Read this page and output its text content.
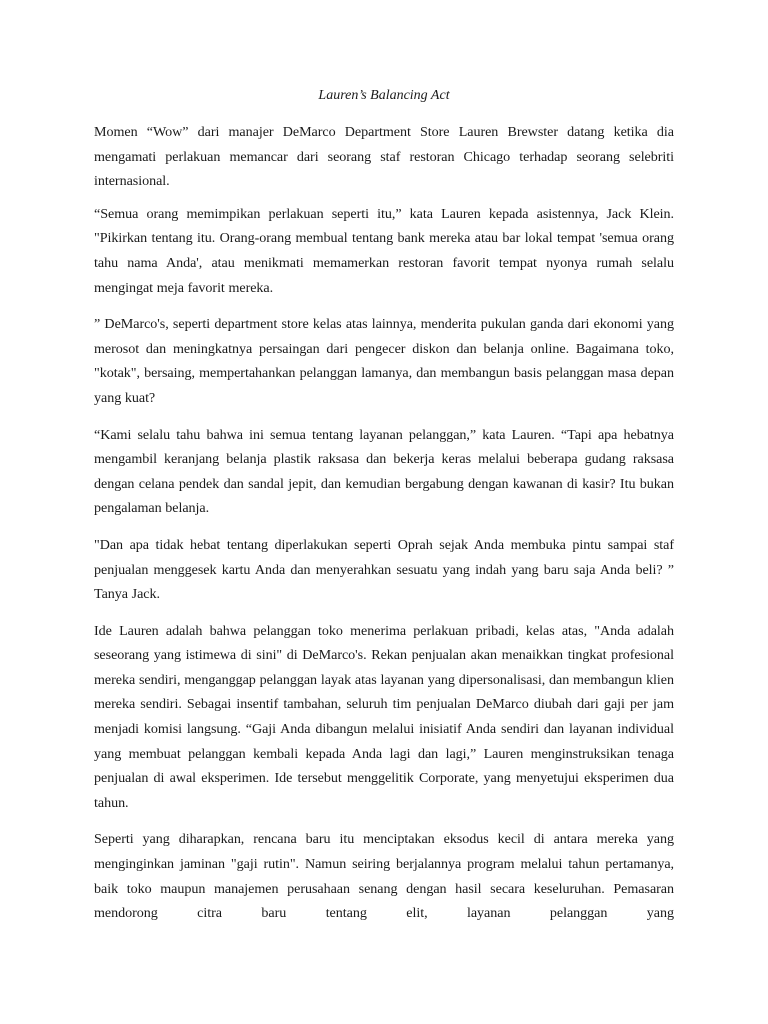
Lauren’s Balancing Act

Momen “Wow” dari manajer DeMarco Department Store Lauren Brewster datang ketika dia mengamati perlakuan memancar dari seorang staf restoran Chicago terhadap seorang selebriti internasional.

“Semua orang memimpikan perlakuan seperti itu,” kata Lauren kepada asistennya, Jack Klein. "Pikirkan tentang itu. Orang-orang membual tentang bank mereka atau bar lokal tempat 'semua orang tahu nama Anda', atau menikmati memamerkan restoran favorit tempat nyonya rumah selalu mengingat meja favorit mereka.

” DeMarco's, seperti department store kelas atas lainnya, menderita pukulan ganda dari ekonomi yang merosot dan meningkatnya persaingan dari pengecer diskon dan belanja online. Bagaimana toko, "kotak", bersaing, mempertahankan pelanggan lamanya, dan membangun basis pelanggan masa depan yang kuat?

“Kami selalu tahu bahwa ini semua tentang layanan pelanggan,” kata Lauren. “Tapi apa hebatnya mengambil keranjang belanja plastik raksasa dan bekerja keras melalui beberapa gudang raksasa dengan celana pendek dan sandal jepit, dan kemudian bergabung dengan kawanan di kasir? Itu bukan pengalaman belanja.

"Dan apa tidak hebat tentang diperlakukan seperti Oprah sejak Anda membuka pintu sampai staf penjualan menggesek kartu Anda dan menyerahkan sesuatu yang indah yang baru saja Anda beli? ” Tanya Jack.

Ide Lauren adalah bahwa pelanggan toko menerima perlakuan pribadi, kelas atas, "Anda adalah seseorang yang istimewa di sini" di DeMarco's. Rekan penjualan akan menaikkan tingkat profesional mereka sendiri, menganggap pelanggan layak atas layanan yang dipersonalisasi, dan membangun klien mereka sendiri. Sebagai insentif tambahan, seluruh tim penjualan DeMarco diubah dari gaji per jam menjadi komisi langsung. “Gaji Anda dibangun melalui inisiatif Anda sendiri dan layanan individual yang membuat pelanggan kembali kepada Anda lagi dan lagi,” Lauren menginstruksikan tenaga penjualan di awal eksperimen. Ide tersebut menggelitik Corporate, yang menyetujui eksperimen dua tahun.

Seperti yang diharapkan, rencana baru itu menciptakan eksodus kecil di antara mereka yang menginginkan jaminan "gaji rutin". Namun seiring berjalannya program melalui tahun pertamanya, baik toko maupun manajemen perusahaan senang dengan hasil secara keseluruhan. Pemasaran mendorong citra baru tentang elit, layanan pelanggan yang
